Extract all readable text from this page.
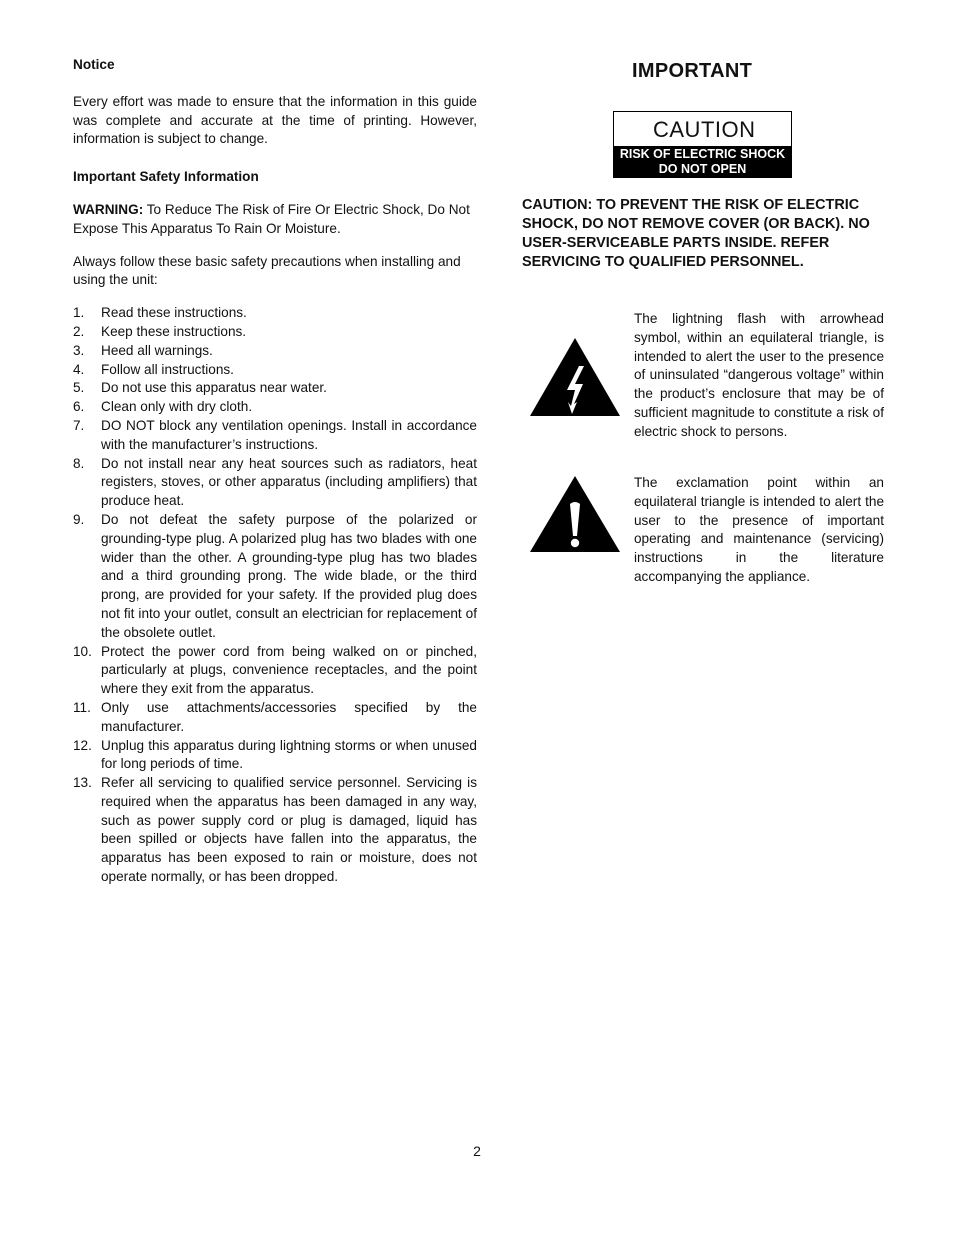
Notice
Every effort was made to ensure that the information in this guide was complete and accurate at the time of printing. However, information is subject to change.
Important Safety Information
WARNING: To Reduce The Risk of Fire Or Electric Shock, Do Not Expose This Apparatus To Rain Or Moisture.
Always follow these basic safety precautions when installing and using the unit:
1.	Read these instructions.
2.	Keep these instructions.
3.	Heed all warnings.
4.	Follow all instructions.
5.	Do not use this apparatus near water.
6.	Clean only with dry cloth.
7.	DO NOT block any ventilation openings. Install in accordance with the manufacturer’s instructions.
8.	Do not install near any heat sources such as radiators, heat registers, stoves, or other apparatus (including amplifiers) that produce heat.
9.	Do not defeat the safety purpose of the polarized or grounding-type plug. A polarized plug has two blades with one wider than the other. A grounding-type plug has two blades and a third grounding prong. The wide blade, or the third prong, are provided for your safety. If the provided plug does not fit into your outlet, consult an electrician for replacement of the obsolete outlet.
10. Protect the power cord from being walked on or pinched, particularly at plugs, convenience receptacles, and the point where they exit from the apparatus.
11. Only use attachments/accessories specified by the manufacturer.
12. Unplug this apparatus during lightning storms or when unused for long periods of time.
13. Refer all servicing to qualified service personnel. Servicing is required when the apparatus has been damaged in any way, such as power supply cord or plug is damaged, liquid has been spilled or objects have fallen into the apparatus, the apparatus has been exposed to rain or moisture, does not operate normally, or has been dropped.
IMPORTANT
CAUTION
RISK OF ELECTRIC SHOCK
DO NOT OPEN
CAUTION: TO PREVENT THE RISK OF ELECTRIC SHOCK, DO NOT REMOVE COVER (OR BACK). NO USER-SERVICEABLE PARTS INSIDE. REFER SERVICING TO QUALIFIED PERSONNEL.
The lightning flash with arrowhead symbol, within an equilateral triangle, is intended to alert the user to the presence of uninsulated “dangerous voltage” within the product’s enclosure that may be of sufficient magnitude to constitute a risk of electric shock to persons.
The exclamation point within an equilateral triangle is intended to alert the user to the presence of important operating and maintenance (servicing) instructions in the literature accompanying the appliance.
2
